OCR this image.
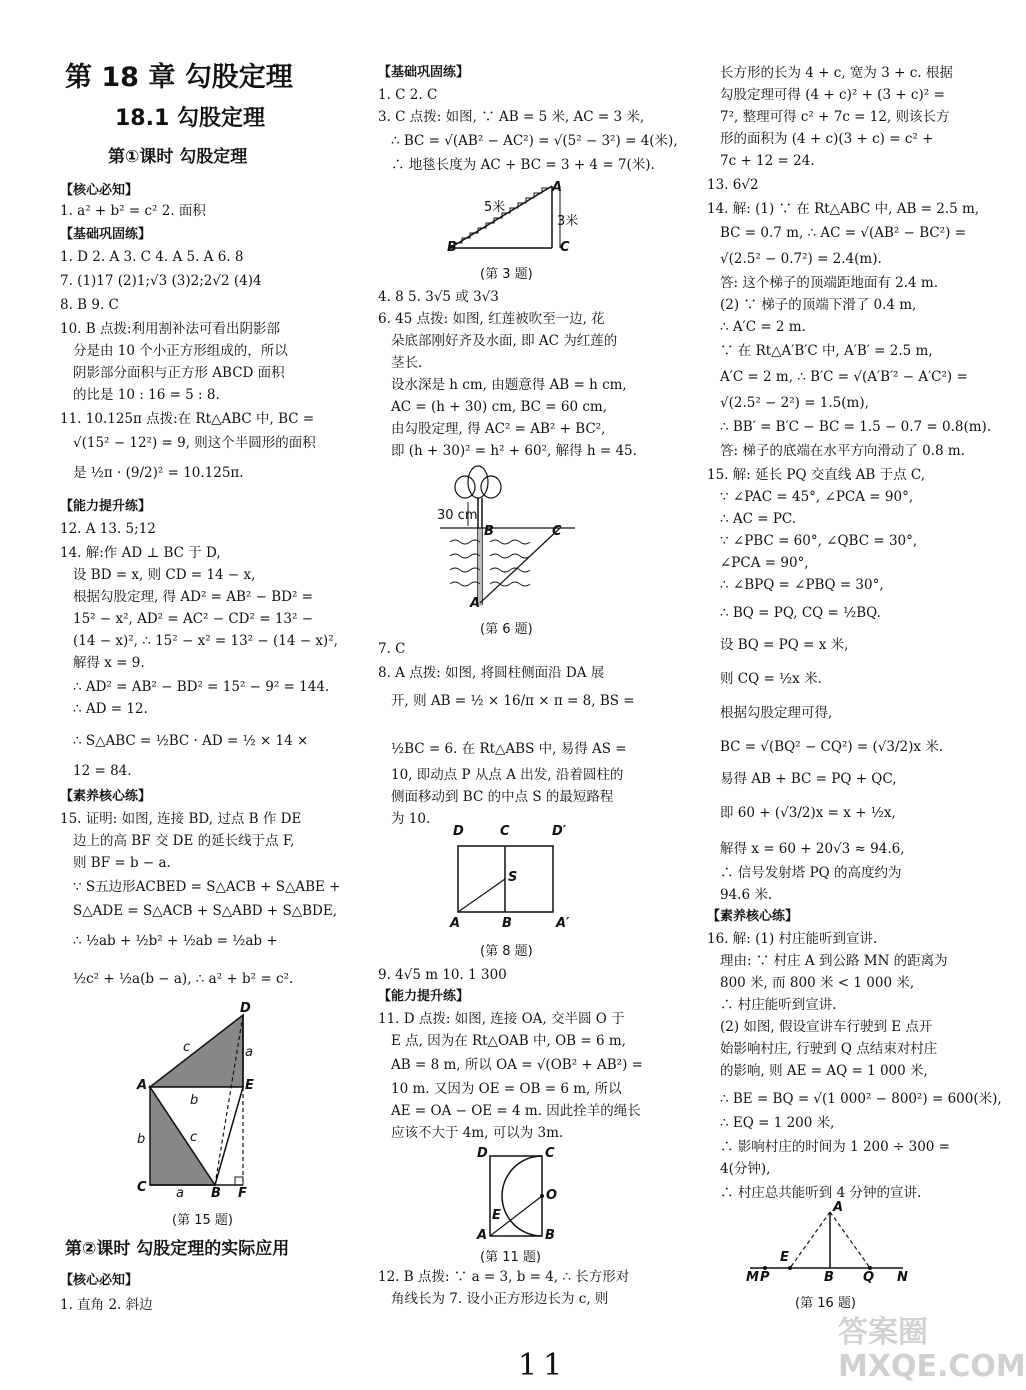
第 18 章 勾股定理
18.1 勾股定理
第①课时 勾股定理
【核心必知】
1. a² + b² = c² 2. 面积
【基础巩固练】
1. D 2. A 3. C 4. A 5. A 6. 8
7. (1)17 (2)1;√3 (3)2;2√2 (4)4
8. B 9. C
10. B 点拨:利用割补法可看出阴影部
分是由 10 个小正方形组成的，所以
阴影部分面积与正方形 ABCD 面积
的比是 10 : 16 = 5 : 8.
11. 10.125π 点拨:在 Rt△ABC 中, BC =
√(15² − 12²) = 9, 则这个半圆形的面积
是 ½π · (9/2)² = 10.125π.
【能力提升练】
12. A 13. 5;12
14. 解:作 AD ⊥ BC 于 D,
设 BD = x, 则 CD = 14 − x,
根据勾股定理, 得 AD² = AB² − BD² =
15² − x², AD² = AC² − CD² = 13² −
(14 − x)², ∴ 15² − x² = 13² − (14 − x)²,
解得 x = 9.
∴ AD² = AB² − BD² = 15² − 9² = 144.
∴ AD = 12.
∴ S△ABC = ½BC · AD = ½ × 14 ×
12 = 84.
【素养核心练】
15. 证明: 如图, 连接 BD, 过点 B 作 DE
边上的高 BF 交 DE 的延长线于点 F,
则 BF = b − a.
∵ S五边形ACBED = S△ACB + S△ABE +
S△ADE = S△ACB + S△ABD + S△BDE,
∴ ½ab + ½b² + ½ab = ½ab +
½c² + ½a(b − a), ∴ a² + b² = c².
D
c	a
A	E
b
b	c
C a B F
(第 15 题)
第②课时 勾股定理的实际应用
【核心必知】
1. 直角 2. 斜边
【基础巩固练】
1. C 2. C
3. C 点拨: 如图, ∵ AB = 5 米, AC = 3 米,
∴ BC = √(AB² − AC²) = √(5² − 3²) = 4(米),
∴ 地毯长度为 AC + BC = 3 + 4 = 7(米).
4. 8 5. 3√5 或 3√3
6. 45 点拨: 如图, 红莲被吹至一边, 花
朵底部刚好齐及水面, 即 AC 为红莲的
茎长.
设水深是 h cm, 由题意得 AB = h cm,
AC = (h + 30) cm, BC = 60 cm,
由勾股定理, 得 AC² = AB² + BC²,
即 (h + 30)² = h² + 60², 解得 h = 45.
7. C
8. A 点拨: 如图, 将圆柱侧面沿 DA 展
开, 则 AB = ½ × 16/π × π = 8, BS =
½BC = 6. 在 Rt△ABS 中, 易得 AS =
10, 即动点 P 从点 A 出发, 沿着圆柱的
侧面移动到 BC 的中点 S 的最短路程
为 10.
9. 4√5 m 10. 1 300
【能力提升练】
11. D 点拨: 如图, 连接 OA, 交半圆 O 于
E 点, 因为在 Rt△OAB 中, OB = 6 m,
AB = 8 m, 所以 OA = √(OB² + AB²) =
10 m. 又因为 OE = OB = 6 m, 所以
AE = OA − OE = 4 m. 因此拴羊的绳长
应该不大于 4m, 可以为 3m.
12. B 点拨: ∵ a = 3, b = 4, ∴ 长方形对
角线长为 7. 设小正方形边长为 c, 则
A
B	C
5米
3米
(第 3 题)
30 cm
B	C
A
(第 6 题)
D	C	D′
S
A	B	A′
(第 8 题)
D	C
O
E
A	B
(第 11 题)
长方形的长为 4 + c, 宽为 3 + c. 根据
勾股定理可得 (4 + c)² + (3 + c)² =
7², 整理可得 c² + 7c = 12, 则该长方
形的面积为 (4 + c)(3 + c) = c² +
7c + 12 = 24.
13. 6√2
14. 解: (1) ∵ 在 Rt△ABC 中, AB = 2.5 m,
BC = 0.7 m, ∴ AC = √(AB² − BC²) =
√(2.5² − 0.7²) = 2.4(m).
答: 这个梯子的顶端距地面有 2.4 m.
(2) ∵ 梯子的顶端下滑了 0.4 m,
∴ A′C = 2 m.
∵ 在 Rt△A′B′C 中, A′B′ = 2.5 m,
A′C = 2 m, ∴ B′C = √(A′B′² − A′C²) =
√(2.5² − 2²) = 1.5(m),
∴ BB′ = B′C − BC = 1.5 − 0.7 = 0.8(m).
答: 梯子的底端在水平方向滑动了 0.8 m.
15. 解: 延长 PQ 交直线 AB 于点 C,
∵ ∠PAC = 45°, ∠PCA = 90°,
∴ AC = PC.
∵ ∠PBC = 60°, ∠QBC = 30°,
∠PCA = 90°,
∴ ∠BPQ = ∠PBQ = 30°,
∴ BQ = PQ, CQ = ½BQ.
设 BQ = PQ = x 米,
则 CQ = ½x 米.
根据勾股定理可得,
BC = √(BQ² − CQ²) = (√3/2)x 米.
易得 AB + BC = PQ + QC,
即 60 + (√3/2)x = x + ½x,
解得 x = 60 + 20√3 ≈ 94.6,
∴ 信号发射塔 PQ 的高度约为
94.6 米.
【素养核心练】
16. 解: (1) 村庄能听到宣讲.
理由: ∵ 村庄 A 到公路 MN 的距离为
800 米, 而 800 米 < 1 000 米,
∴ 村庄能听到宣讲.
(2) 如图, 假设宣讲车行驶到 E 点开
始影响村庄, 行驶到 Q 点结束对村庄
的影响, 则 AE = AQ = 1 000 米,
∴ BE = BQ = √(1 000² − 800²) = 600(米),
∴ EQ = 1 200 米,
∴ 影响村庄的时间为 1 200 ÷ 300 =
4(分钟),
∴ 村庄总共能听到 4 分钟的宣讲.
A
E
M P	B Q N
(第 16 题)
11
答案圈 MXQE.COM
